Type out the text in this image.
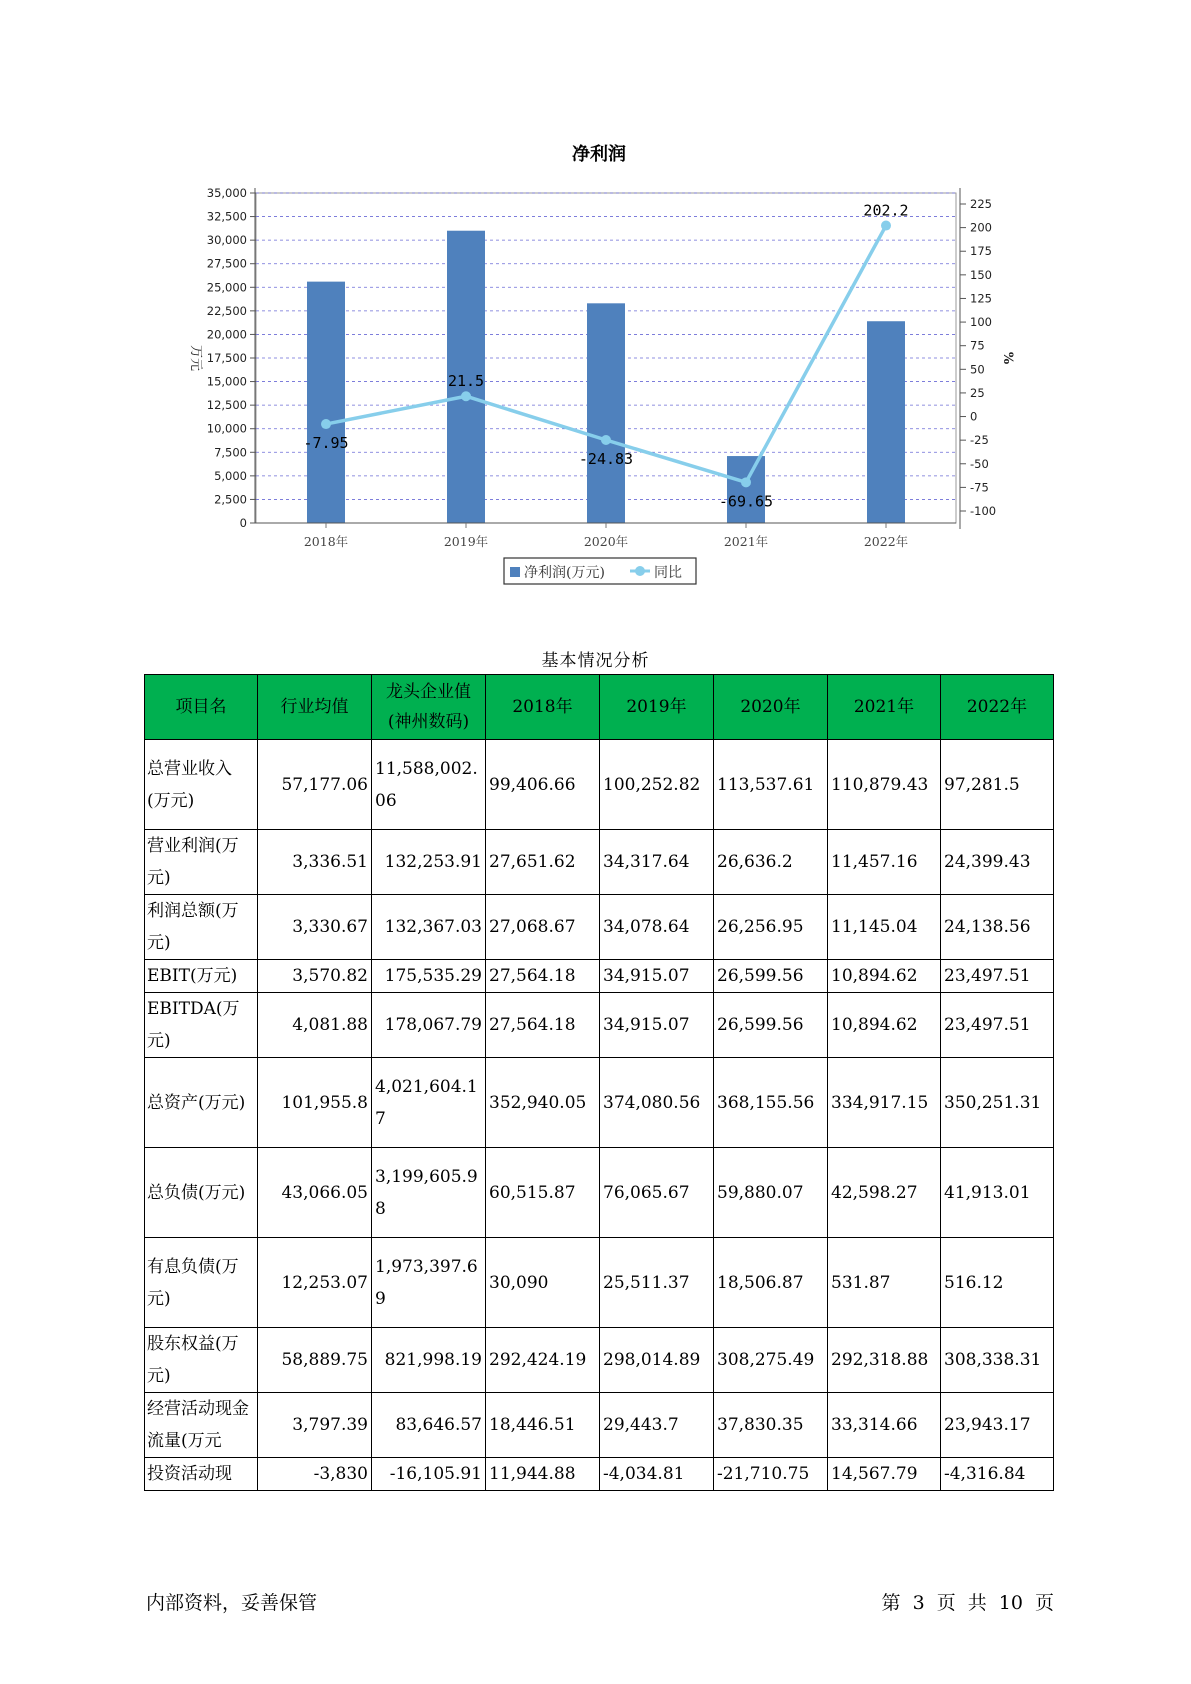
净利润
0
2,500
5,000
7,500
10,000
12,500
15,000
17,500
20,000
22,500
25,000
27,500
30,000
32,500
35,000
-100
-75
-50
-25
0
25
50
75
100
125
150
175
200
225
万元	%
2018年	2019年	2020年	2021年	2022年
-7.95
21.5
-24.83
-69.65
202.2
净利润(万元)	同比
基本情况分析
项目名	行业均值	龙头企业值(神州数码)	2018年	2019年	2020年	2021年	2022年
总营业收入(万元)	57,177.06	11,588,002.06	99,406.66	100,252.82	113,537.61	110,879.43	97,281.5
营业利润(万元)	3,336.51	132,253.91	27,651.62	34,317.64	26,636.2	11,457.16	24,399.43
利润总额(万元)	3,330.67	132,367.03	27,068.67	34,078.64	26,256.95	11,145.04	24,138.56
EBIT(万元)	3,570.82	175,535.29	27,564.18	34,915.07	26,599.56	10,894.62	23,497.51
EBITDA(万元)	4,081.88	178,067.79	27,564.18	34,915.07	26,599.56	10,894.62	23,497.51
总资产(万元)	101,955.8	4,021,604.17	352,940.05	374,080.56	368,155.56	334,917.15	350,251.31
总负债(万元)	43,066.05	3,199,605.98	60,515.87	76,065.67	59,880.07	42,598.27	41,913.01
有息负债(万元)	12,253.07	1,973,397.69	30,090	25,511.37	18,506.87	531.87	516.12
股东权益(万元)	58,889.75	821,998.19	292,424.19	298,014.89	308,275.49	292,318.88	308,338.31
经营活动现金流量(万元	3,797.39	83,646.57	18,446.51	29,443.7	37,830.35	33,314.66	23,943.17
投资活动现	-3,830	-16,105.91	11,944.88	-4,034.81	-21,710.75	14,567.79	-4,316.84
内部资料，妥善保管	第 3 页 共 10 页
